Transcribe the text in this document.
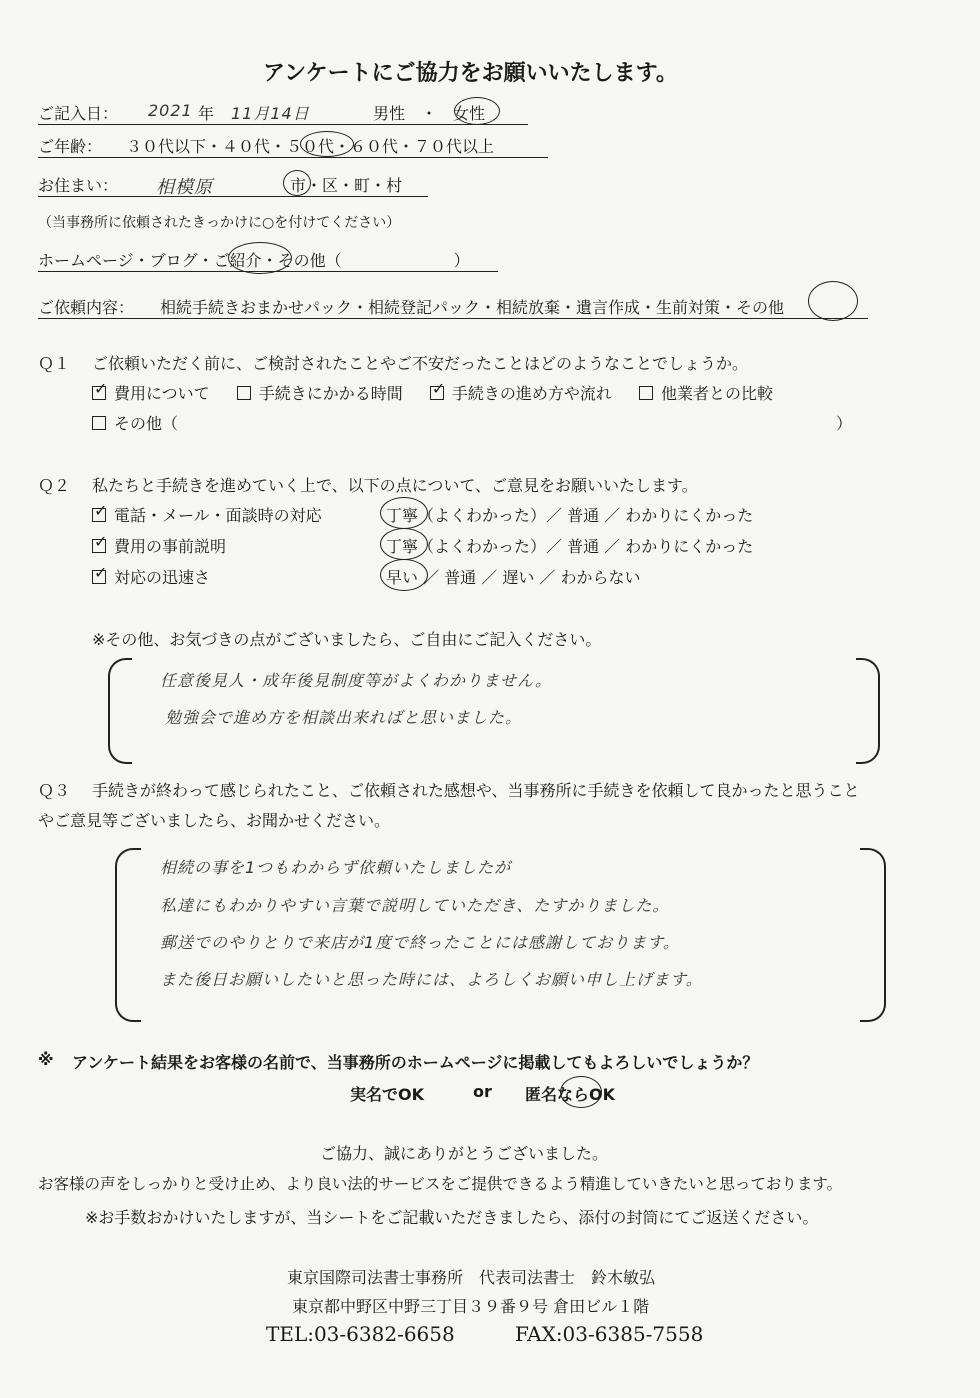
アンケートにご協力をお願いいたします。
ご記入日： 2021 年 11月14日	男性　・　女性
ご年齢： ３０代以下・４０代・５０代・６０代・７０代以上
お住まい： 相模原	市・区・町・村
（当事務所に依頼されたきっかけに○を付けてください）
ホームページ・ブログ・ご紹介・その他（　　　　　　　）
ご依頼内容： 相続手続きおまかせパック・相続登記パック・相続放棄・遺言作成・生前対策・その他
Ｑ１ ご依頼いただく前に、ご検討されたことやご不安だったことはどのようなことでしょうか。
✓費用について	手続きにかかる時間 ✓	手続きの進め方や流れ	他業者との比較
その他（	）
Ｑ２ 私たちと手続きを進めていく上で、以下の点について、ご意見をお願いいたします。
✓電話・メール・面談時の対応	丁寧（よくわかった）／ 普通 ／ わかりにくかった
✓費用の事前説明	丁寧（よくわかった）／ 普通 ／ わかりにくかった
✓対応の迅速さ	早い ／ 普通 ／ 遅い ／ わからない
※その他、お気づきの点がございましたら、ご自由にご記入ください。
任意後見人・成年後見制度等がよくわかりません。
勉強会で進め方を相談出来ればと思いました。
Ｑ３ 手続きが終わって感じられたこと、ご依頼された感想や、当事務所に手続きを依頼して良かったと思うこと
やご意見等ございましたら、お聞かせください。
相続の事を1つもわからず依頼いたしましたが
私達にもわかりやすい言葉で説明していただき、たすかりました。
郵送でのやりとりで来店が1度で終ったことには感謝しております。
また後日お願いしたいと思った時には、よろしくお願い申し上げます。
※ アンケート結果をお客様の名前で、当事務所のホームページに掲載してもよろしいでしょうか？
実名でOK	or 匿名ならOK
ご協力、誠にありがとうございました。
お客様の声をしっかりと受け止め、より良い法的サービスをご提供できるよう精進していきたいと思っております。
※お手数おかけいたしますが、当シートをご記載いただきましたら、添付の封筒にてご返送ください。
東京国際司法書士事務所　代表司法書士　鈴木敏弘
東京都中野区中野三丁目３９番９号 倉田ビル１階
TEL:03-6382-6658	FAX:03-6385-7558
